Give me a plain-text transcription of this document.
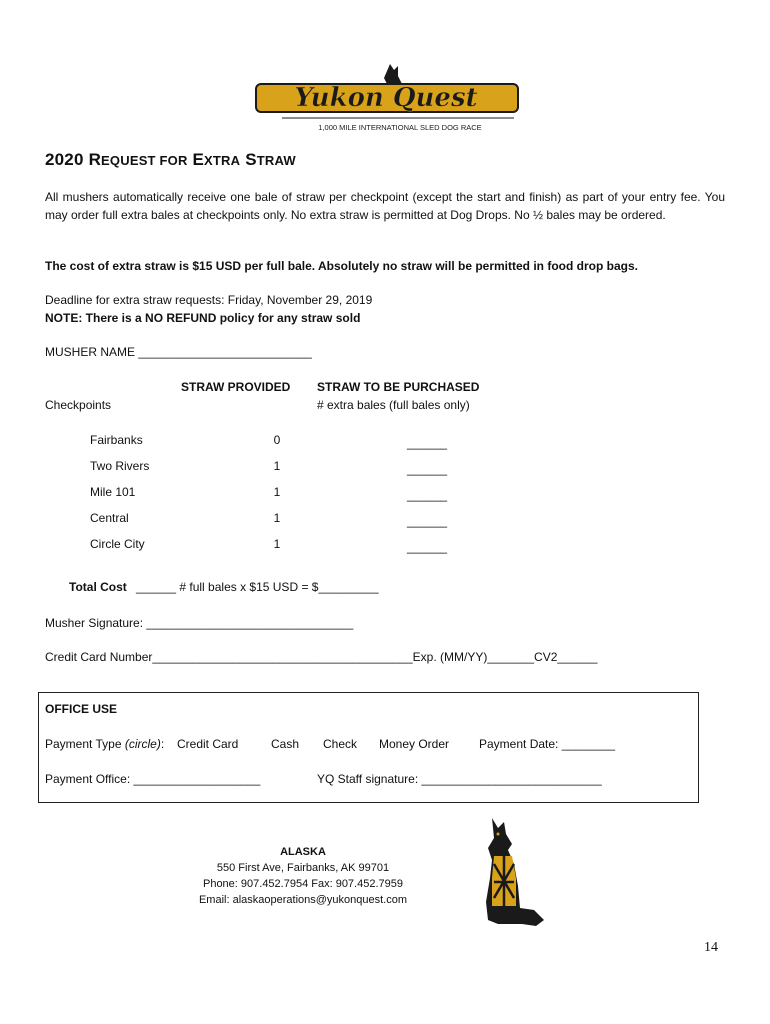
Yukon Quest
1,000 MILE INTERNATIONAL SLED DOG RACE
2020 REQUEST FOR EXTRA STRAW
All mushers automatically receive one bale of straw per checkpoint (except the start and finish) as part of your entry fee. You may order full extra bales at checkpoints only. No extra straw is permitted at Dog Drops. No ½ bales may be ordered.
The cost of extra straw is $15 USD per full bale. Absolutely no straw will be permitted in food drop bags.
Deadline for extra straw requests: Friday, November 29, 2019
NOTE: There is a NO REFUND policy for any straw sold
MUSHER NAME __________________________
STRAW PROVIDED STRAW TO BE PURCHASED
Checkpoints	# extra bales (full bales only)
Fairbanks	0	______
Two Rivers	1	______
Mile 101	1	______
Central	1	______
Circle City	1	______
Total Cost ______ # full bales x $15 USD = $_________
Musher Signature: _______________________________
Credit Card Number_______________________________________Exp. (MM/YY)_______CV2______
OFFICE USE
Payment Type (circle): Credit Card	Cash Check Money Order Payment Date: ________
Payment Office: ___________________	YQ Staff signature: ___________________________
ALASKA
550 First Ave, Fairbanks, AK 99701
Phone: 907.452.7954 Fax: 907.452.7959
Email: alaskaoperations@yukonquest.com
14
